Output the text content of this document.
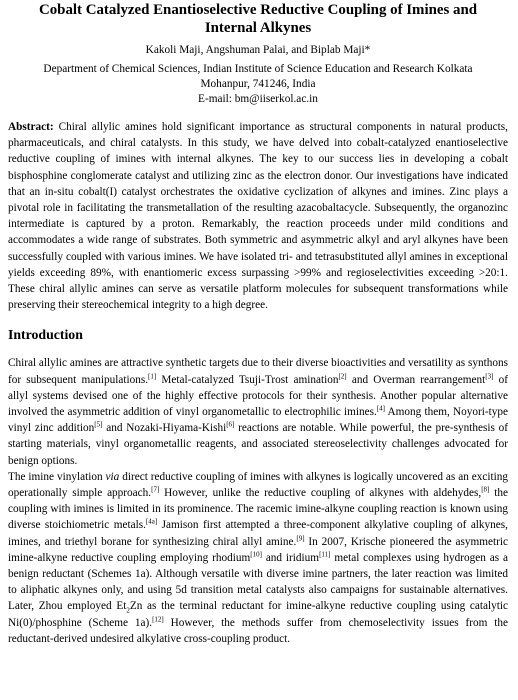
Cobalt Catalyzed Enantioselective Reductive Coupling of Imines and
Internal Alkynes
Kakoli Maji, Angshuman Palai, and Biplab Maji*
Department of Chemical Sciences, Indian Institute of Science Education and Research Kolkata
Mohanpur, 741246, India
E-mail: bm@iiserkol.ac.in
Abstract: Chiral allylic amines hold significant importance as structural components in natural products, pharmaceuticals, and chiral catalysts. In this study, we have delved into cobalt-catalyzed enantioselective reductive coupling of imines with internal alkynes. The key to our success lies in developing a cobalt bisphosphine conglomerate catalyst and utilizing zinc as the electron donor. Our investigations have indicated that an in-situ cobalt(I) catalyst orchestrates the oxidative cyclization of alkynes and imines. Zinc plays a pivotal role in facilitating the transmetallation of the resulting azacobaltacycle. Subsequently, the organozinc intermediate is captured by a proton. Remarkably, the reaction proceeds under mild conditions and accommodates a wide range of substrates. Both symmetric and asymmetric alkyl and aryl alkynes have been successfully coupled with various imines. We have isolated tri- and tetrasubstituted allyl amines in exceptional yields exceeding 89%, with enantiomeric excess surpassing >99% and regioselectivities exceeding >20:1. These chiral allylic amines can serve as versatile platform molecules for subsequent transformations while preserving their stereochemical integrity to a high degree.
Introduction

Chiral allylic amines are attractive synthetic targets due to their diverse bioactivities and versatility as synthons for subsequent manipulations.[1] Metal-catalyzed Tsuji-Trost amination[2] and Overman rearrangement[3] of allyl systems devised one of the highly effective protocols for their synthesis. Another popular alternative involved the asymmetric addition of vinyl organometallic to electrophilic imines.[4] Among them, Noyori-type vinyl zinc addition[5] and Nozaki-Hiyama-Kishi[6] reactions are notable. While powerful, the pre-synthesis of starting materials, vinyl organometallic reagents, and associated stereoselectivity challenges advocated for benign options.

The imine vinylation via direct reductive coupling of imines with alkynes is logically uncovered as an exciting operationally simple approach.[7] However, unlike the reductive coupling of alkynes with aldehydes,[8] the coupling with imines is limited in its prominence. The racemic imine-alkyne coupling reaction is known using diverse stoichiometric metals.[4a] Jamison first attempted a three-component alkylative coupling of alkynes, imines, and triethyl borane for synthesizing chiral allyl amine.[9] In 2007, Krische pioneered the asymmetric imine-alkyne reductive coupling employing rhodium[10] and iridium[11] metal complexes using hydrogen as a benign reductant (Schemes 1a). Although versatile with diverse imine partners, the later reaction was limited to aliphatic alkynes only, and using 5d transition metal catalysts also campaigns for sustainable alternatives. Later, Zhou employed $Et_2Zn$ as the terminal reductant for imine-alkyne reductive coupling using catalytic Ni(0)/phosphine (Scheme 1a).[12] However, the methods suffer from chemoselectivity issues from the reductant-derived undesired alkylative cross-coupling product.
